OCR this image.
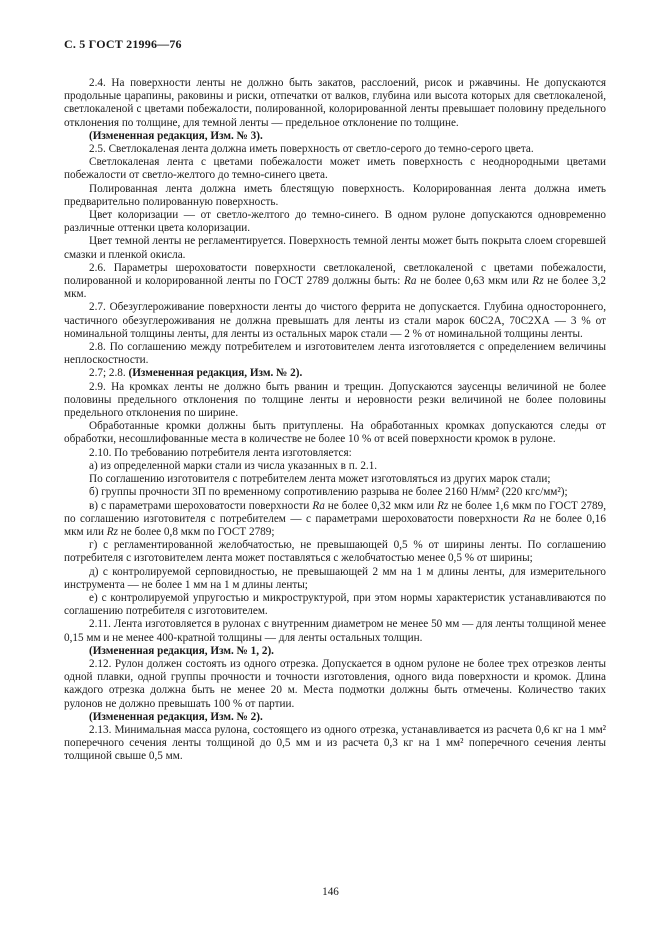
С. 5 ГОСТ 21996—76

2.4. На поверхности ленты не должно быть закатов, расслоений, рисок и ржавчины. Не допускаются продольные царапины, раковины и риски, отпечатки от валков, глубина или высота которых для светлокаленой, светлокаленой с цветами побежалости, полированной, колорированной ленты превышает половину предельного отклонения по толщине, для темной ленты — предельное отклонение по толщине.

(Измененная редакция, Изм. № 3).

2.5. Светлокаленая лента должна иметь поверхность от светло-серого до темно-серого цвета.

Светлокаленая лента с цветами побежалости может иметь поверхность с неоднородными цветами побежалости от светло-желтого до темно-синего цвета.

Полированная лента должна иметь блестящую поверхность. Колорированная лента должна иметь предварительно полированную поверхность.

Цвет колоризации — от светло-желтого до темно-синего. В одном рулоне допускаются одновременно различные оттенки цвета колоризации.

Цвет темной ленты не регламентируется. Поверхность темной ленты может быть покрыта слоем сгоревшей смазки и пленкой окисла.

2.6. Параметры шероховатости поверхности светлокаленой, светлокаленой с цветами побежалости, полированной и колорированной ленты по ГОСТ 2789 должны быть: Ra не более 0,63 мкм или Rz не более 3,2 мкм.

2.7. Обезуглероживание поверхности ленты до чистого феррита не допускается. Глубина одностороннего, частичного обезуглероживания не должна превышать для ленты из стали марок 60С2А, 70С2ХА — 3 % от номинальной толщины ленты, для ленты из остальных марок стали — 2 % от номинальной толщины ленты.

2.8. По соглашению между потребителем и изготовителем лента изготовляется с определением величины неплоскостности.

2.7; 2.8. (Измененная редакция, Изм. № 2).

2.9. На кромках ленты не должно быть рванин и трещин. Допускаются заусенцы величиной не более половины предельного отклонения по толщине ленты и неровности резки величиной не более половины предельного отклонения по ширине.

Обработанные кромки должны быть притуплены. На обработанных кромках допускаются следы от обработки, несошлифованные места в количестве не более 10 % от всей поверхности кромок в рулоне.

2.10. По требованию потребителя лента изготовляется:

а) из определенной марки стали из числа указанных в п. 2.1.

По соглашению изготовителя с потребителем лента может изготовляться из других марок стали;

б) группы прочности 3П по временному сопротивлению разрыва не более 2160 Н/мм² (220 кгс/мм²);

в) с параметрами шероховатости поверхности Ra не более 0,32 мкм или Rz не более 1,6 мкм по ГОСТ 2789, по соглашению изготовителя с потребителем — с параметрами шероховатости поверхности Ra не более 0,16 мкм или Rz не более 0,8 мкм по ГОСТ 2789;

г) с регламентированной желобчатостью, не превышающей 0,5 % от ширины ленты. По соглашению потребителя с изготовителем лента может поставляться с желобчатостью менее 0,5 % от ширины;

д) с контролируемой серповидностью, не превышающей 2 мм на 1 м длины ленты, для измерительного инструмента — не более 1 мм на 1 м длины ленты;

е) с контролируемой упругостью и микроструктурой, при этом нормы характеристик устанавливаются по соглашению потребителя с изготовителем.

2.11. Лента изготовляется в рулонах с внутренним диаметром не менее 50 мм — для ленты толщиной менее 0,15 мм и не менее 400-кратной толщины — для ленты остальных толщин.

(Измененная редакция, Изм. № 1, 2).

2.12. Рулон должен состоять из одного отрезка. Допускается в одном рулоне не более трех отрезков ленты одной плавки, одной группы прочности и точности изготовления, одного вида поверхности и кромок. Длина каждого отрезка должна быть не менее 20 м. Места подмотки должны быть отмечены. Количество таких рулонов не должно превышать 100 % от партии.

(Измененная редакция, Изм. № 2).

2.13. Минимальная масса рулона, состоящего из одного отрезка, устанавливается из расчета 0,6 кг на 1 мм² поперечного сечения ленты толщиной до 0,5 мм и из расчета 0,3 кг на 1 мм² поперечного сечения ленты толщиной свыше 0,5 мм.

146
